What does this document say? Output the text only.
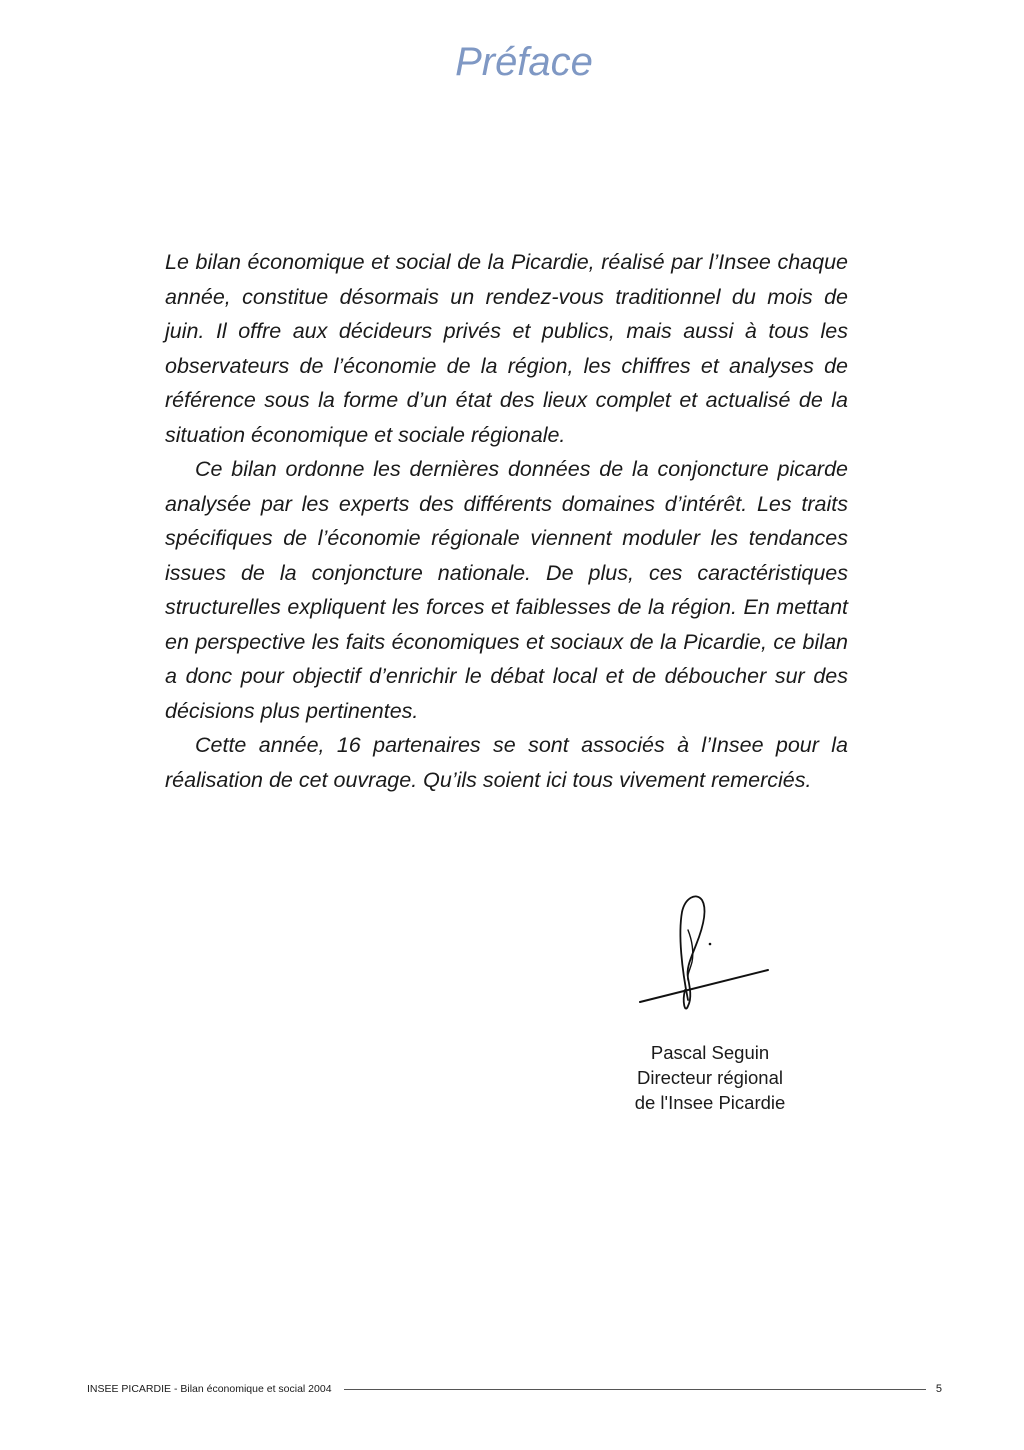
Préface

Le bilan économique et social de la Picardie, réalisé par l’Insee chaque année, constitue désormais un rendez-vous traditionnel du mois de juin. Il offre aux décideurs privés et publics, mais aussi à tous les observateurs de l’économie de la région, les chiffres et analyses de référence sous la forme d’un état des lieux complet et actualisé de la situation économique et sociale régionale.

Ce bilan ordonne les dernières données de la conjoncture picarde analysée par les experts des différents domaines d’intérêt. Les traits spécifiques de l’économie régionale viennent moduler les tendances issues de la conjoncture nationale. De plus, ces caractéristiques structurelles expliquent les forces et faiblesses de la région. En mettant en perspective les faits économiques et sociaux de la Picardie, ce bilan a donc pour objectif d’enrichir le débat local et de déboucher sur des décisions plus pertinentes.

Cette année, 16 partenaires se sont associés à l’Insee pour la réalisation de cet ouvrage. Qu’ils soient ici tous vivement remerciés.

Pascal Seguin
Directeur régional
de l'Insee Picardie
INSEE PICARDIE - Bilan économique et social 2004	5
